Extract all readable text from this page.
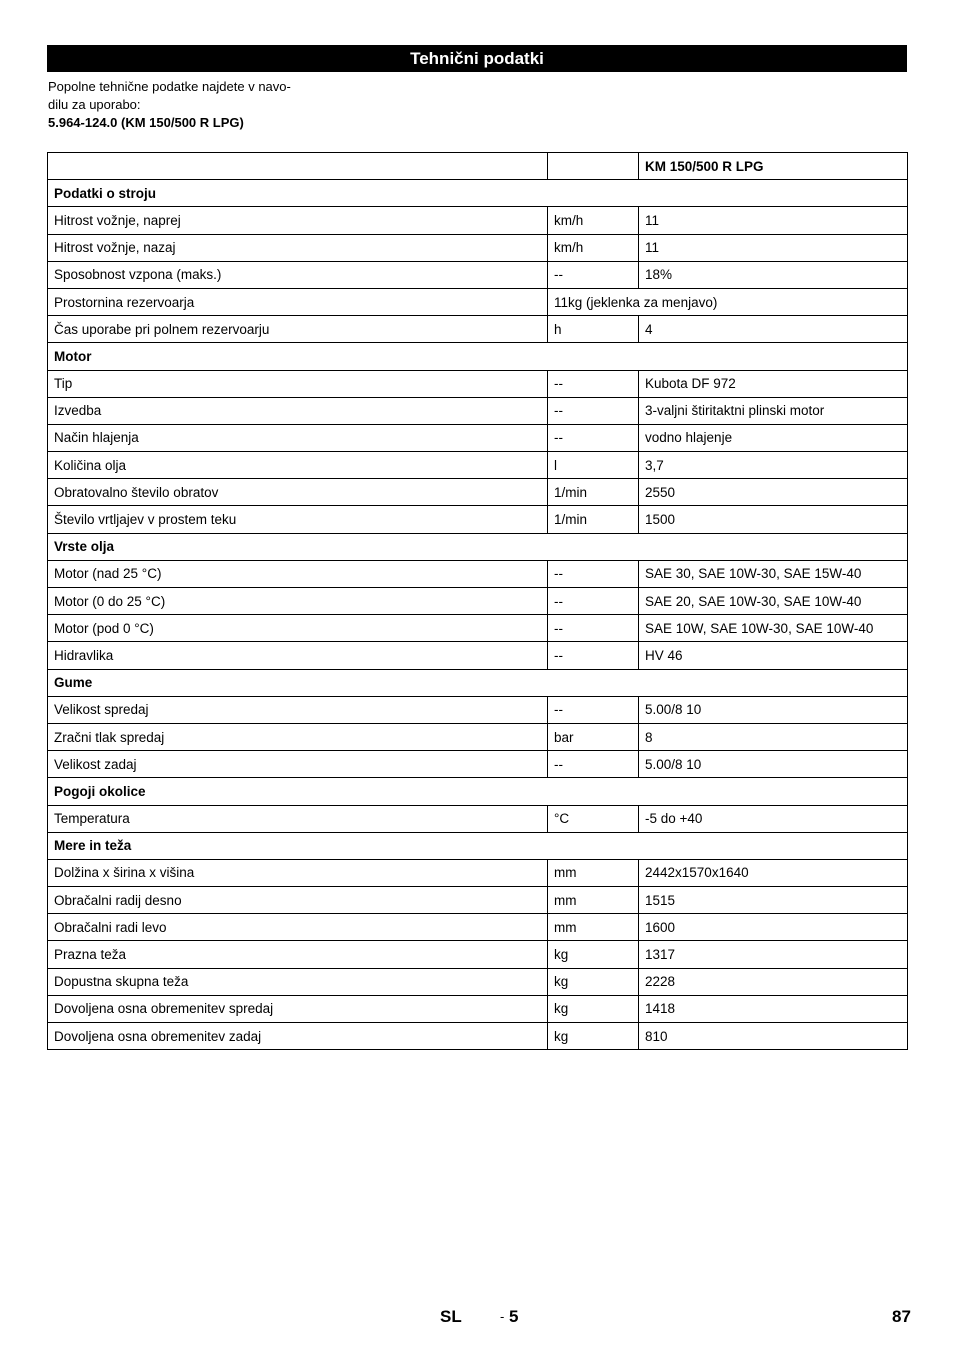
Tehnični podatki
Popolne tehnične podatke najdete v navo-
dilu za uporabo:
5.964-124.0 (KM 150/500 R LPG)
		KM 150/500 R LPG
Podatki o stroju		
Hitrost vožnje, naprej	km/h	11
Hitrost vožnje, nazaj	km/h	11
Sposobnost vzpona (maks.)	--	18%
Prostornina rezervoarja	11kg (jeklenka za menjavo)	
Čas uporabe pri polnem rezervoarju	h	4
Motor		
Tip	--	Kubota DF 972
Izvedba	--	3-valjni štiritaktni plinski motor
Način hlajenja	--	vodno hlajenje
Količina olja	l	3,7
Obratovalno število obratov	1/min	2550
Število vrtljajev v prostem teku	1/min	1500
Vrste olja		
Motor (nad 25 °C)	--	SAE 30, SAE 10W-30, SAE 15W-40
Motor (0 do 25 °C)	--	SAE 20, SAE 10W-30, SAE 10W-40
Motor (pod 0 °C)	--	SAE 10W, SAE 10W-30, SAE 10W-40
Hidravlika	--	HV 46
Gume		
Velikost spredaj	--	5.00/8 10
Zračni tlak spredaj	bar	8
Velikost zadaj	--	5.00/8 10
Pogoji okolice		
Temperatura	°C	-5 do +40
Mere in teža		
Dolžina x širina x višina	mm	2442x1570x1640
Obračalni radij desno	mm	1515
Obračalni radi levo	mm	1600
Prazna teža	kg	1317
Dopustna skupna teža	kg	2228
Dovoljena osna obremenitev spredaj	kg	1418
Dovoljena osna obremenitev zadaj	kg	810
SL	- 5	87
